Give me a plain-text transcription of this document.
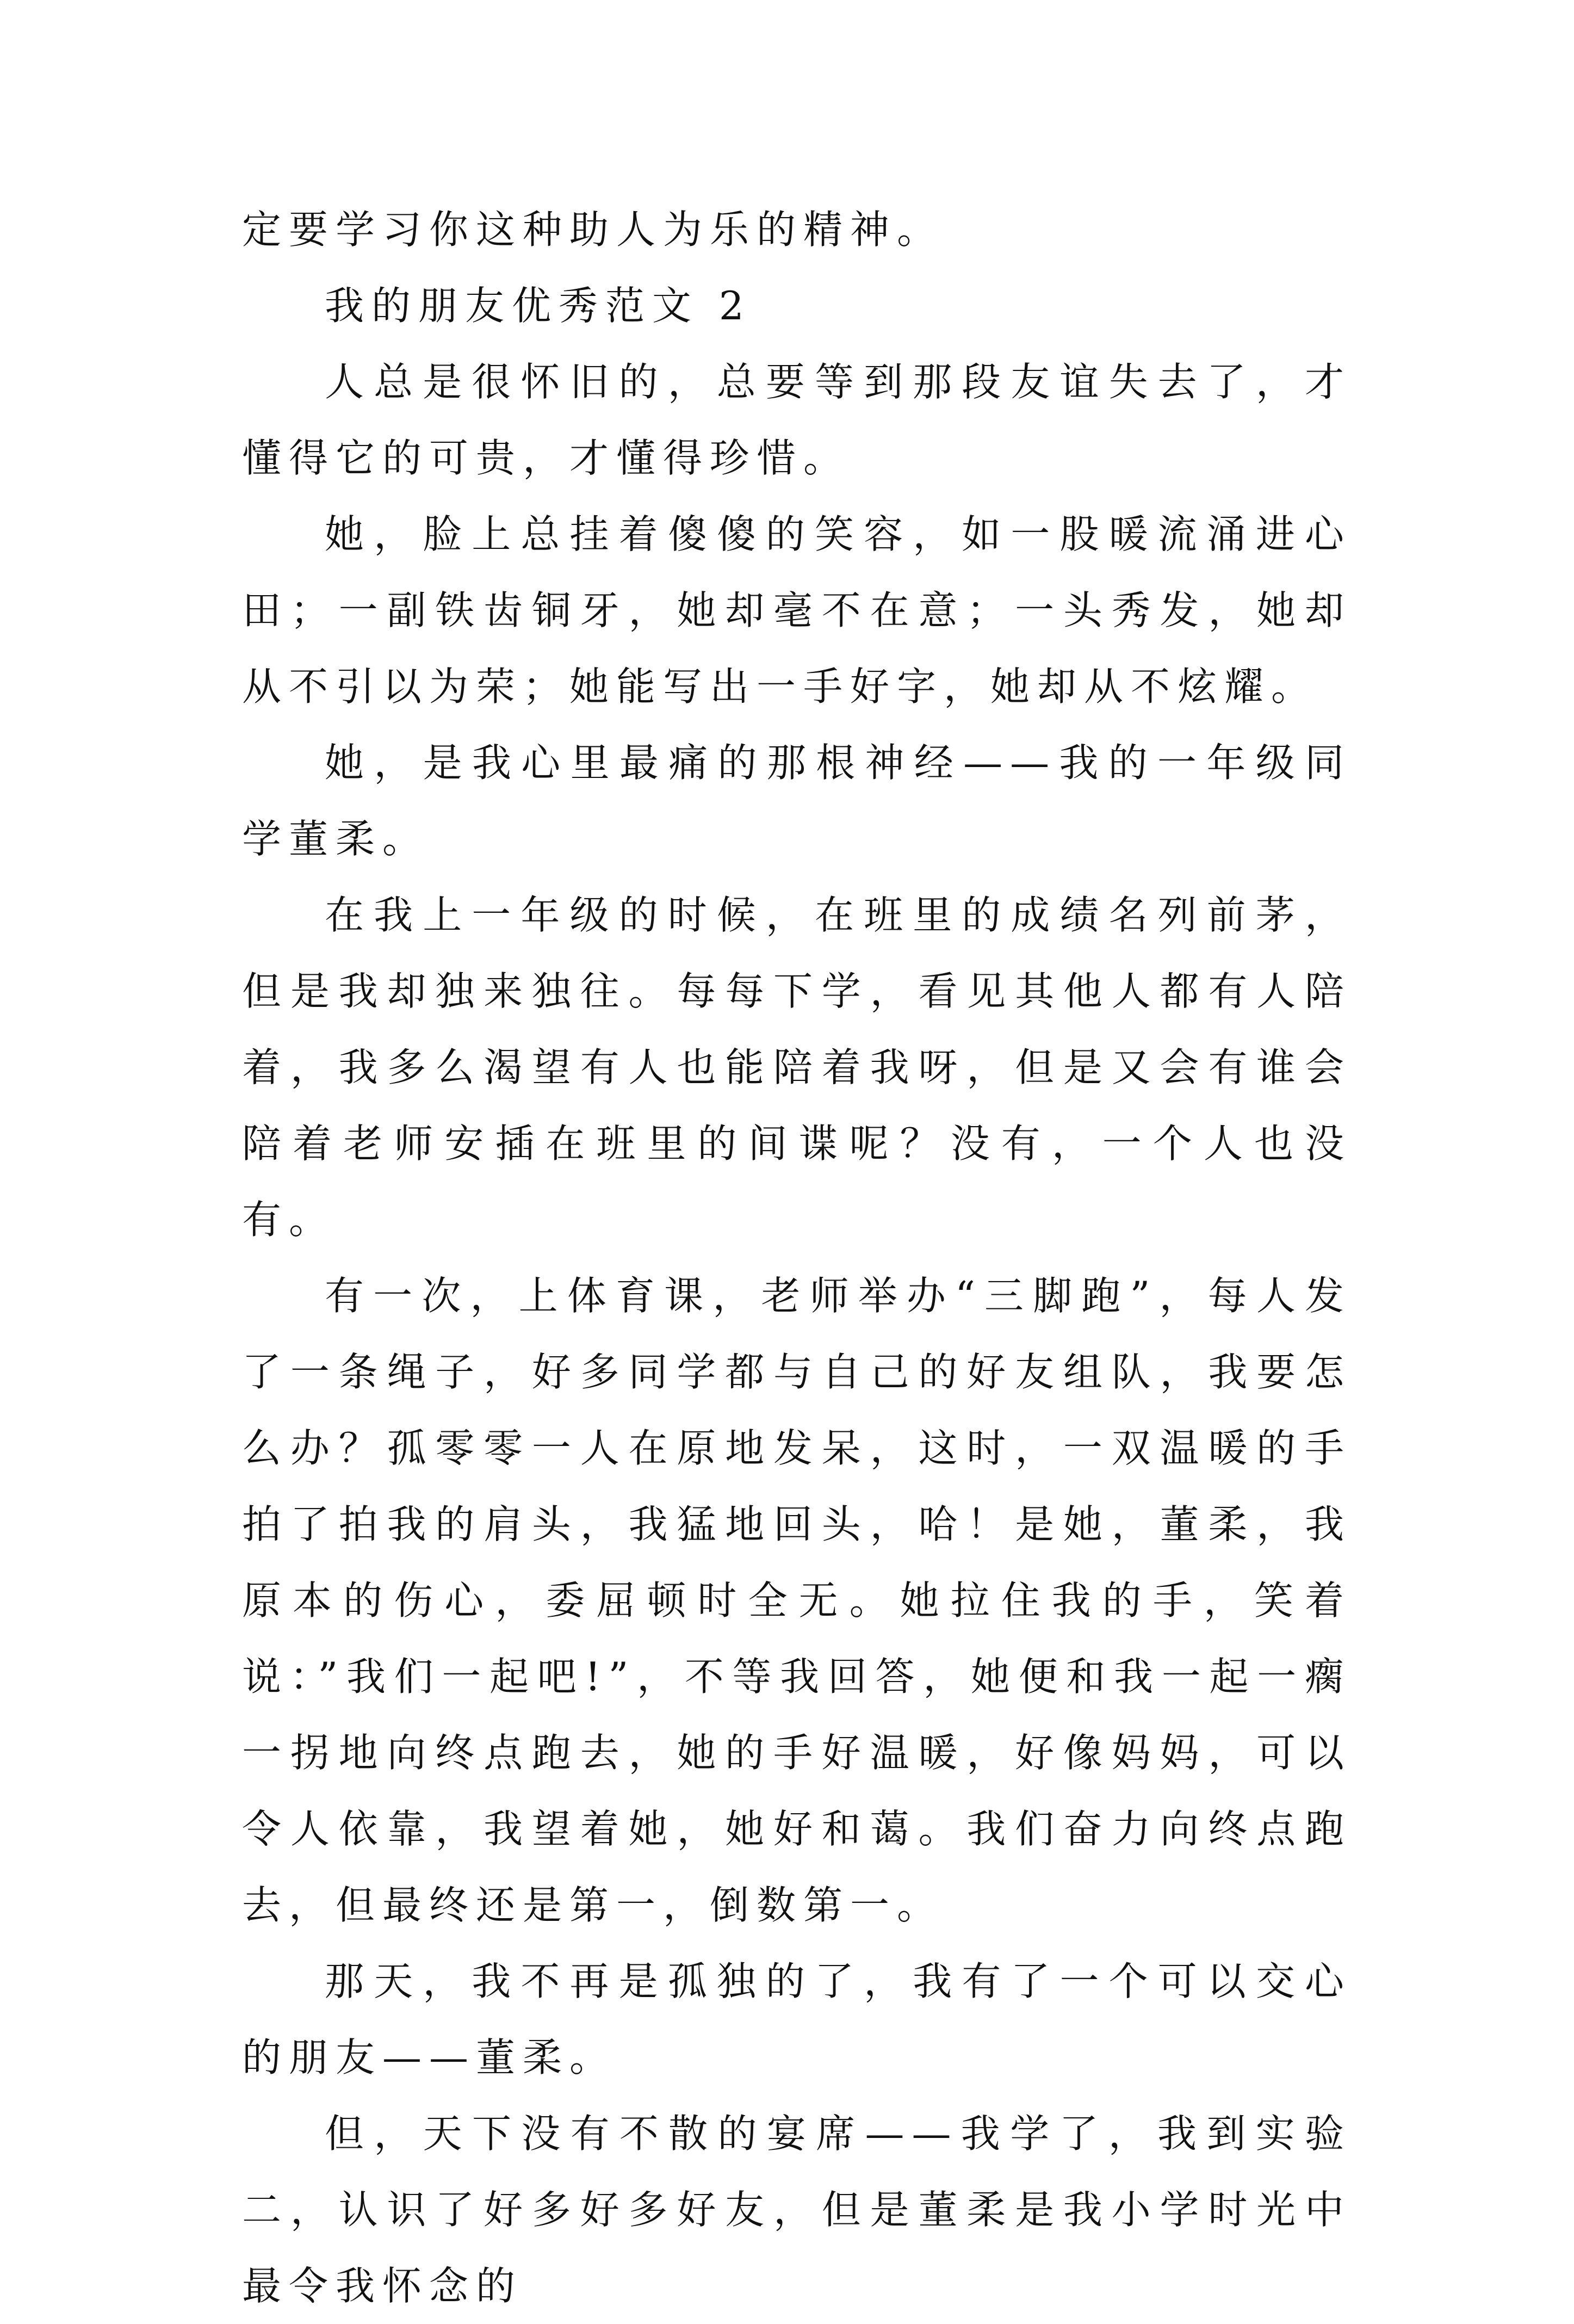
定要学习你这种助人为乐的精神。

我的朋友优秀范文 2

人总是很怀旧的，总要等到那段友谊失去了，才懂得它的可贵，才懂得珍惜。

她，脸上总挂着傻傻的笑容，如一股暖流涌进心田；一副铁齿铜牙，她却毫不在意；一头秀发，她却从不引以为荣；她能写出一手好字，她却从不炫耀。

她，是我心里最痛的那根神经——我的一年级同学董柔。

在我上一年级的时候，在班里的成绩名列前茅，但是我却独来独往。每每下学，看见其他人都有人陪着，我多么渴望有人也能陪着我呀，但是又会有谁会陪着老师安插在班里的间谍呢？没有，一个人也没有。

有一次，上体育课，老师举办“三脚跑”，每人发了一条绳子，好多同学都与自己的好友组队，我要怎么办？孤零零一人在原地发呆，这时，一双温暖的手拍了拍我的肩头，我猛地回头，哈！是她，董柔，我原本的伤心，委屈顿时全无。她拉住我的手，笑着说：”我们一起吧!”，不等我回答，她便和我一起一瘸一拐地向终点跑去，她的手好温暖，好像妈妈，可以令人依靠，我望着她，她好和蔼。我们奋力向终点跑去，但最终还是第一，倒数第一。

那天，我不再是孤独的了，我有了一个可以交心的朋友——董柔。

但，天下没有不散的宴席——我学了，我到实验二，认识了好多好多好友，但是董柔是我小学时光中最令我怀念的
